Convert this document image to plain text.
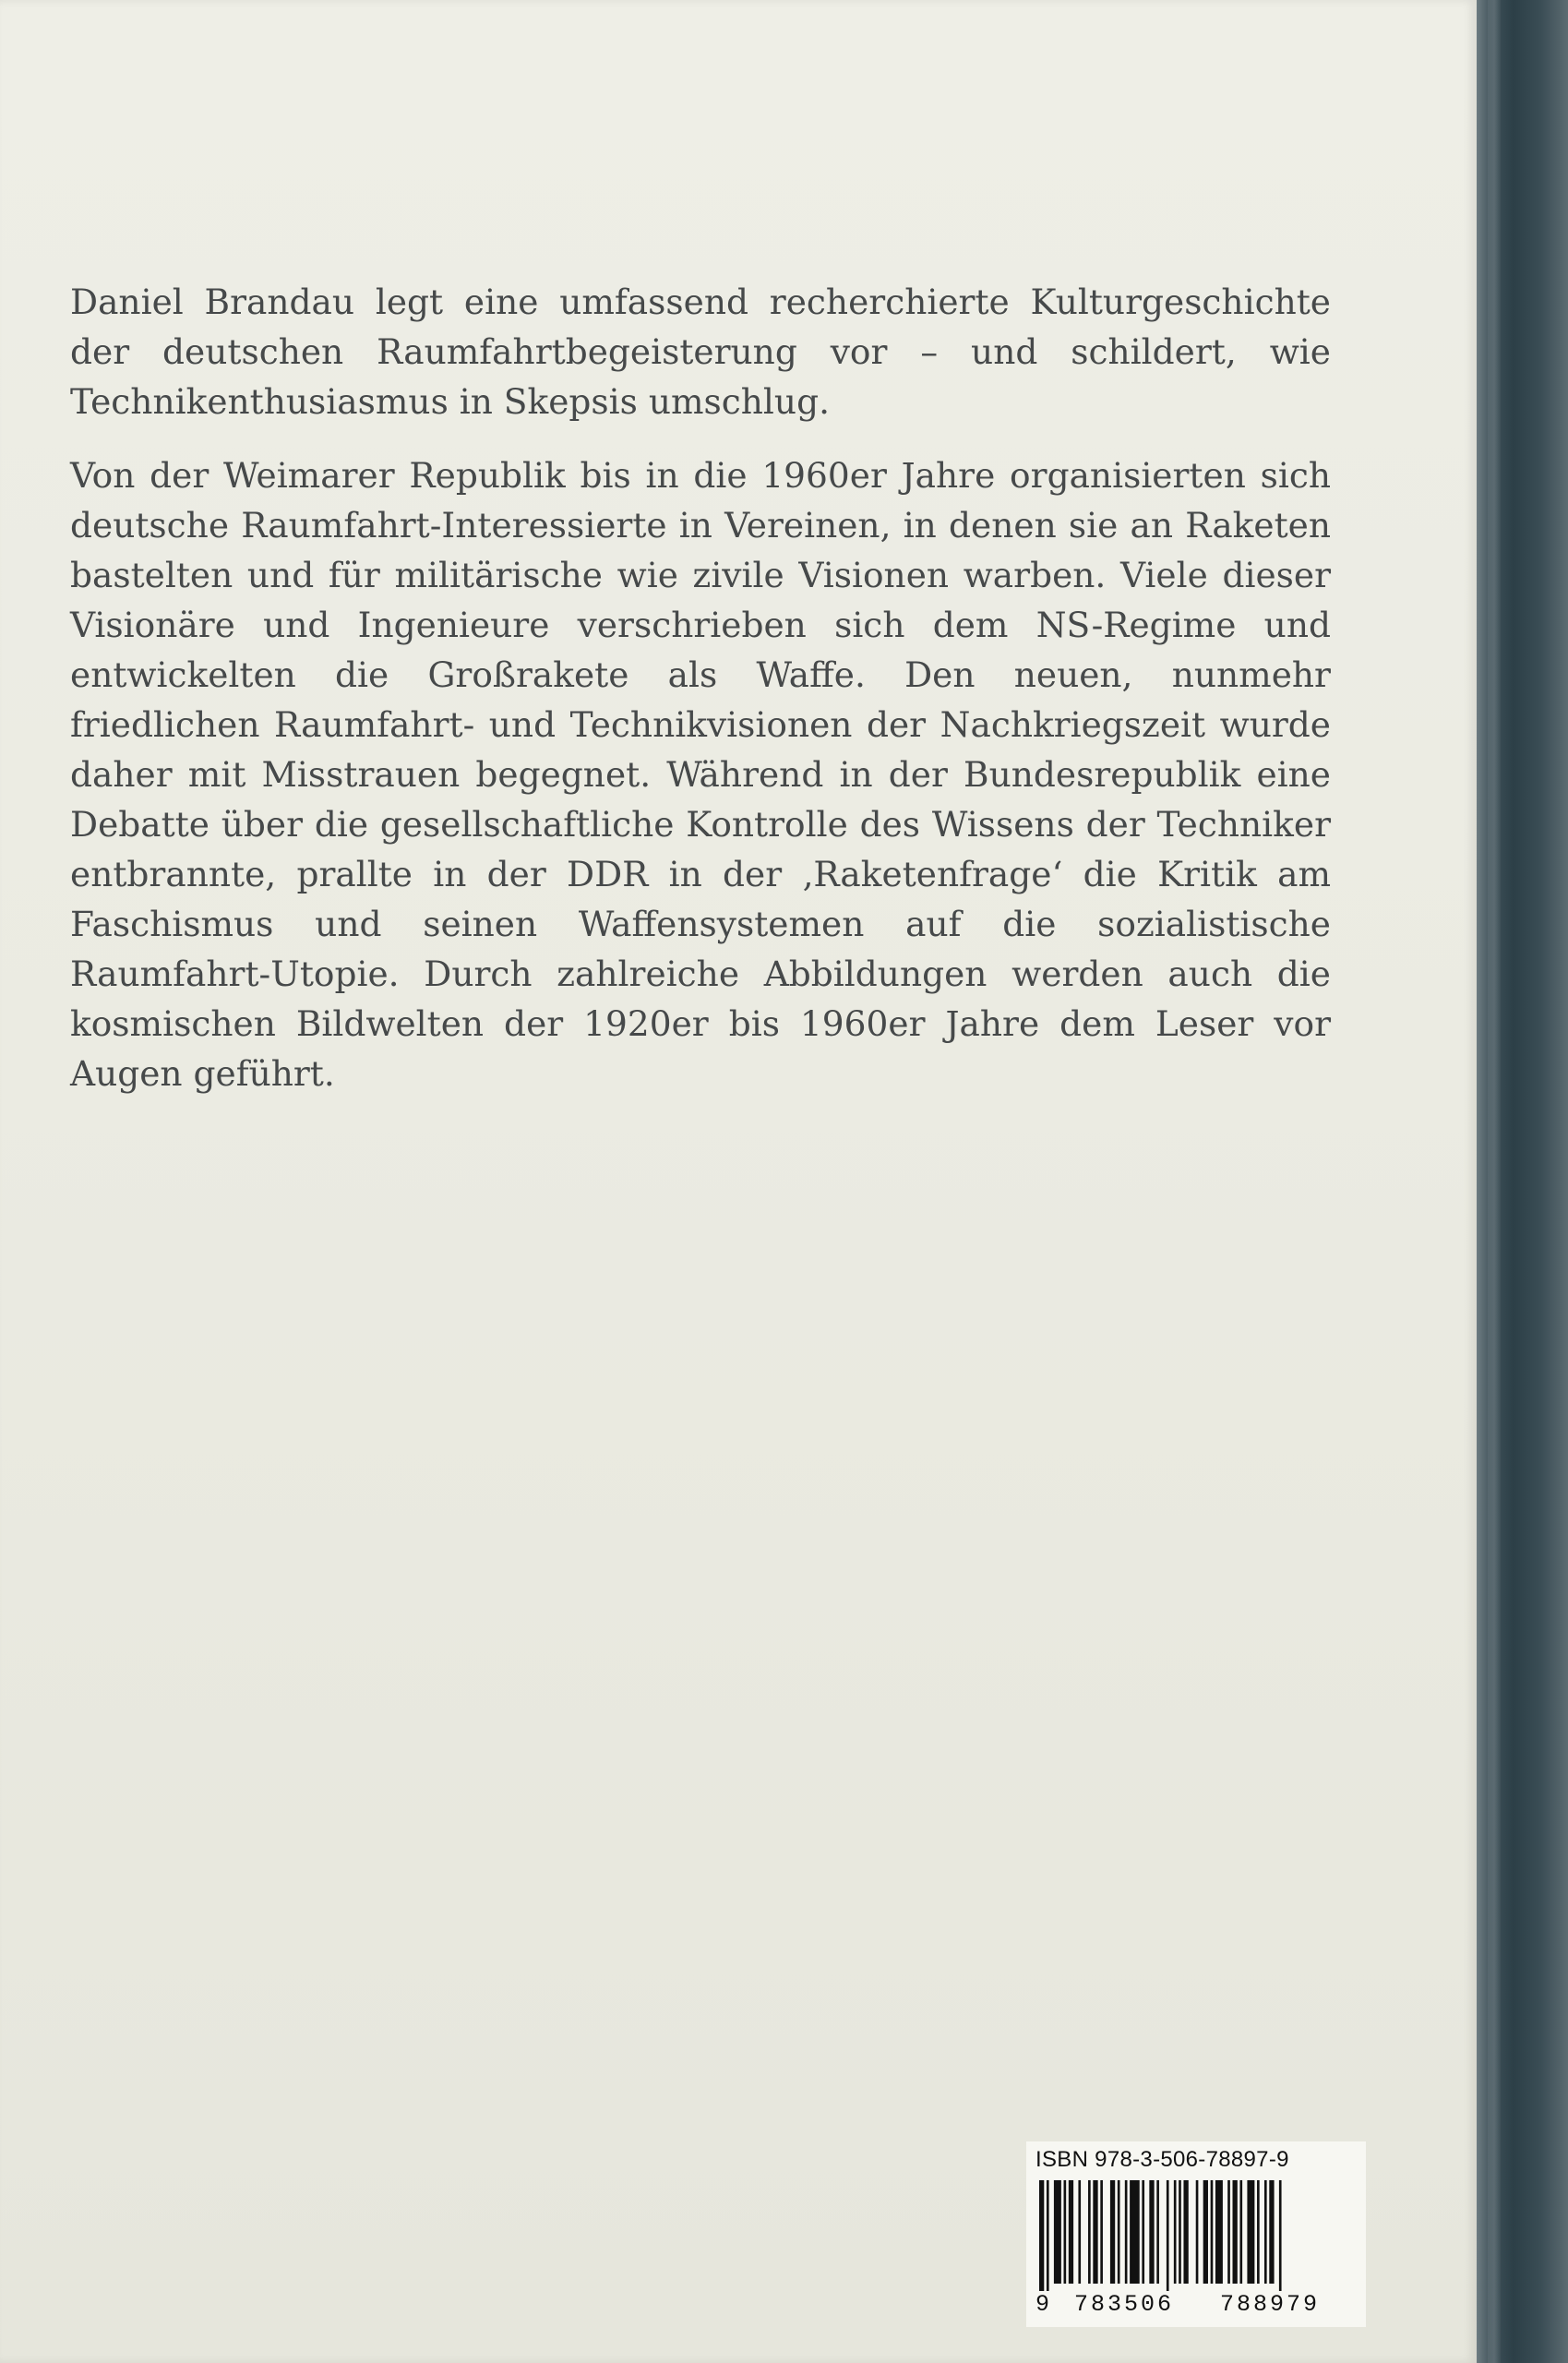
Daniel Brandau legt eine umfassend recherchierte Kulturgeschichte der deutschen Raumfahrtbegeisterung vor – und schildert, wie Technikenthusiasmus in Skepsis umschlug.

Von der Weimarer Republik bis in die 1960er Jahre organisierten sich deutsche Raumfahrt-Interessierte in Vereinen, in denen sie an Raketen bastelten und für militärische wie zivile Visionen warben. Viele dieser Visionäre und Ingenieure verschrieben sich dem NS-Regime und entwickelten die Großrakete als Waffe. Den neuen, nunmehr friedlichen Raumfahrt- und Technikvisionen der Nachkriegszeit wurde daher mit Misstrauen begegnet. Während in der Bundesrepublik eine Debatte über die gesellschaftliche Kontrolle des Wissens der Techniker entbrannte, prallte in der DDR in der ‚Raketenfrage‘ die Kritik am Faschismus und seinen Waffensystemen auf die sozialistische Raumfahrt-Utopie. Durch zahlreiche Abbildungen werden auch die kosmischen Bildwelten der 1920er bis 1960er Jahre dem Leser vor Augen geführt.

ISBN 978-3-506-78897-9
9 783506 788979
